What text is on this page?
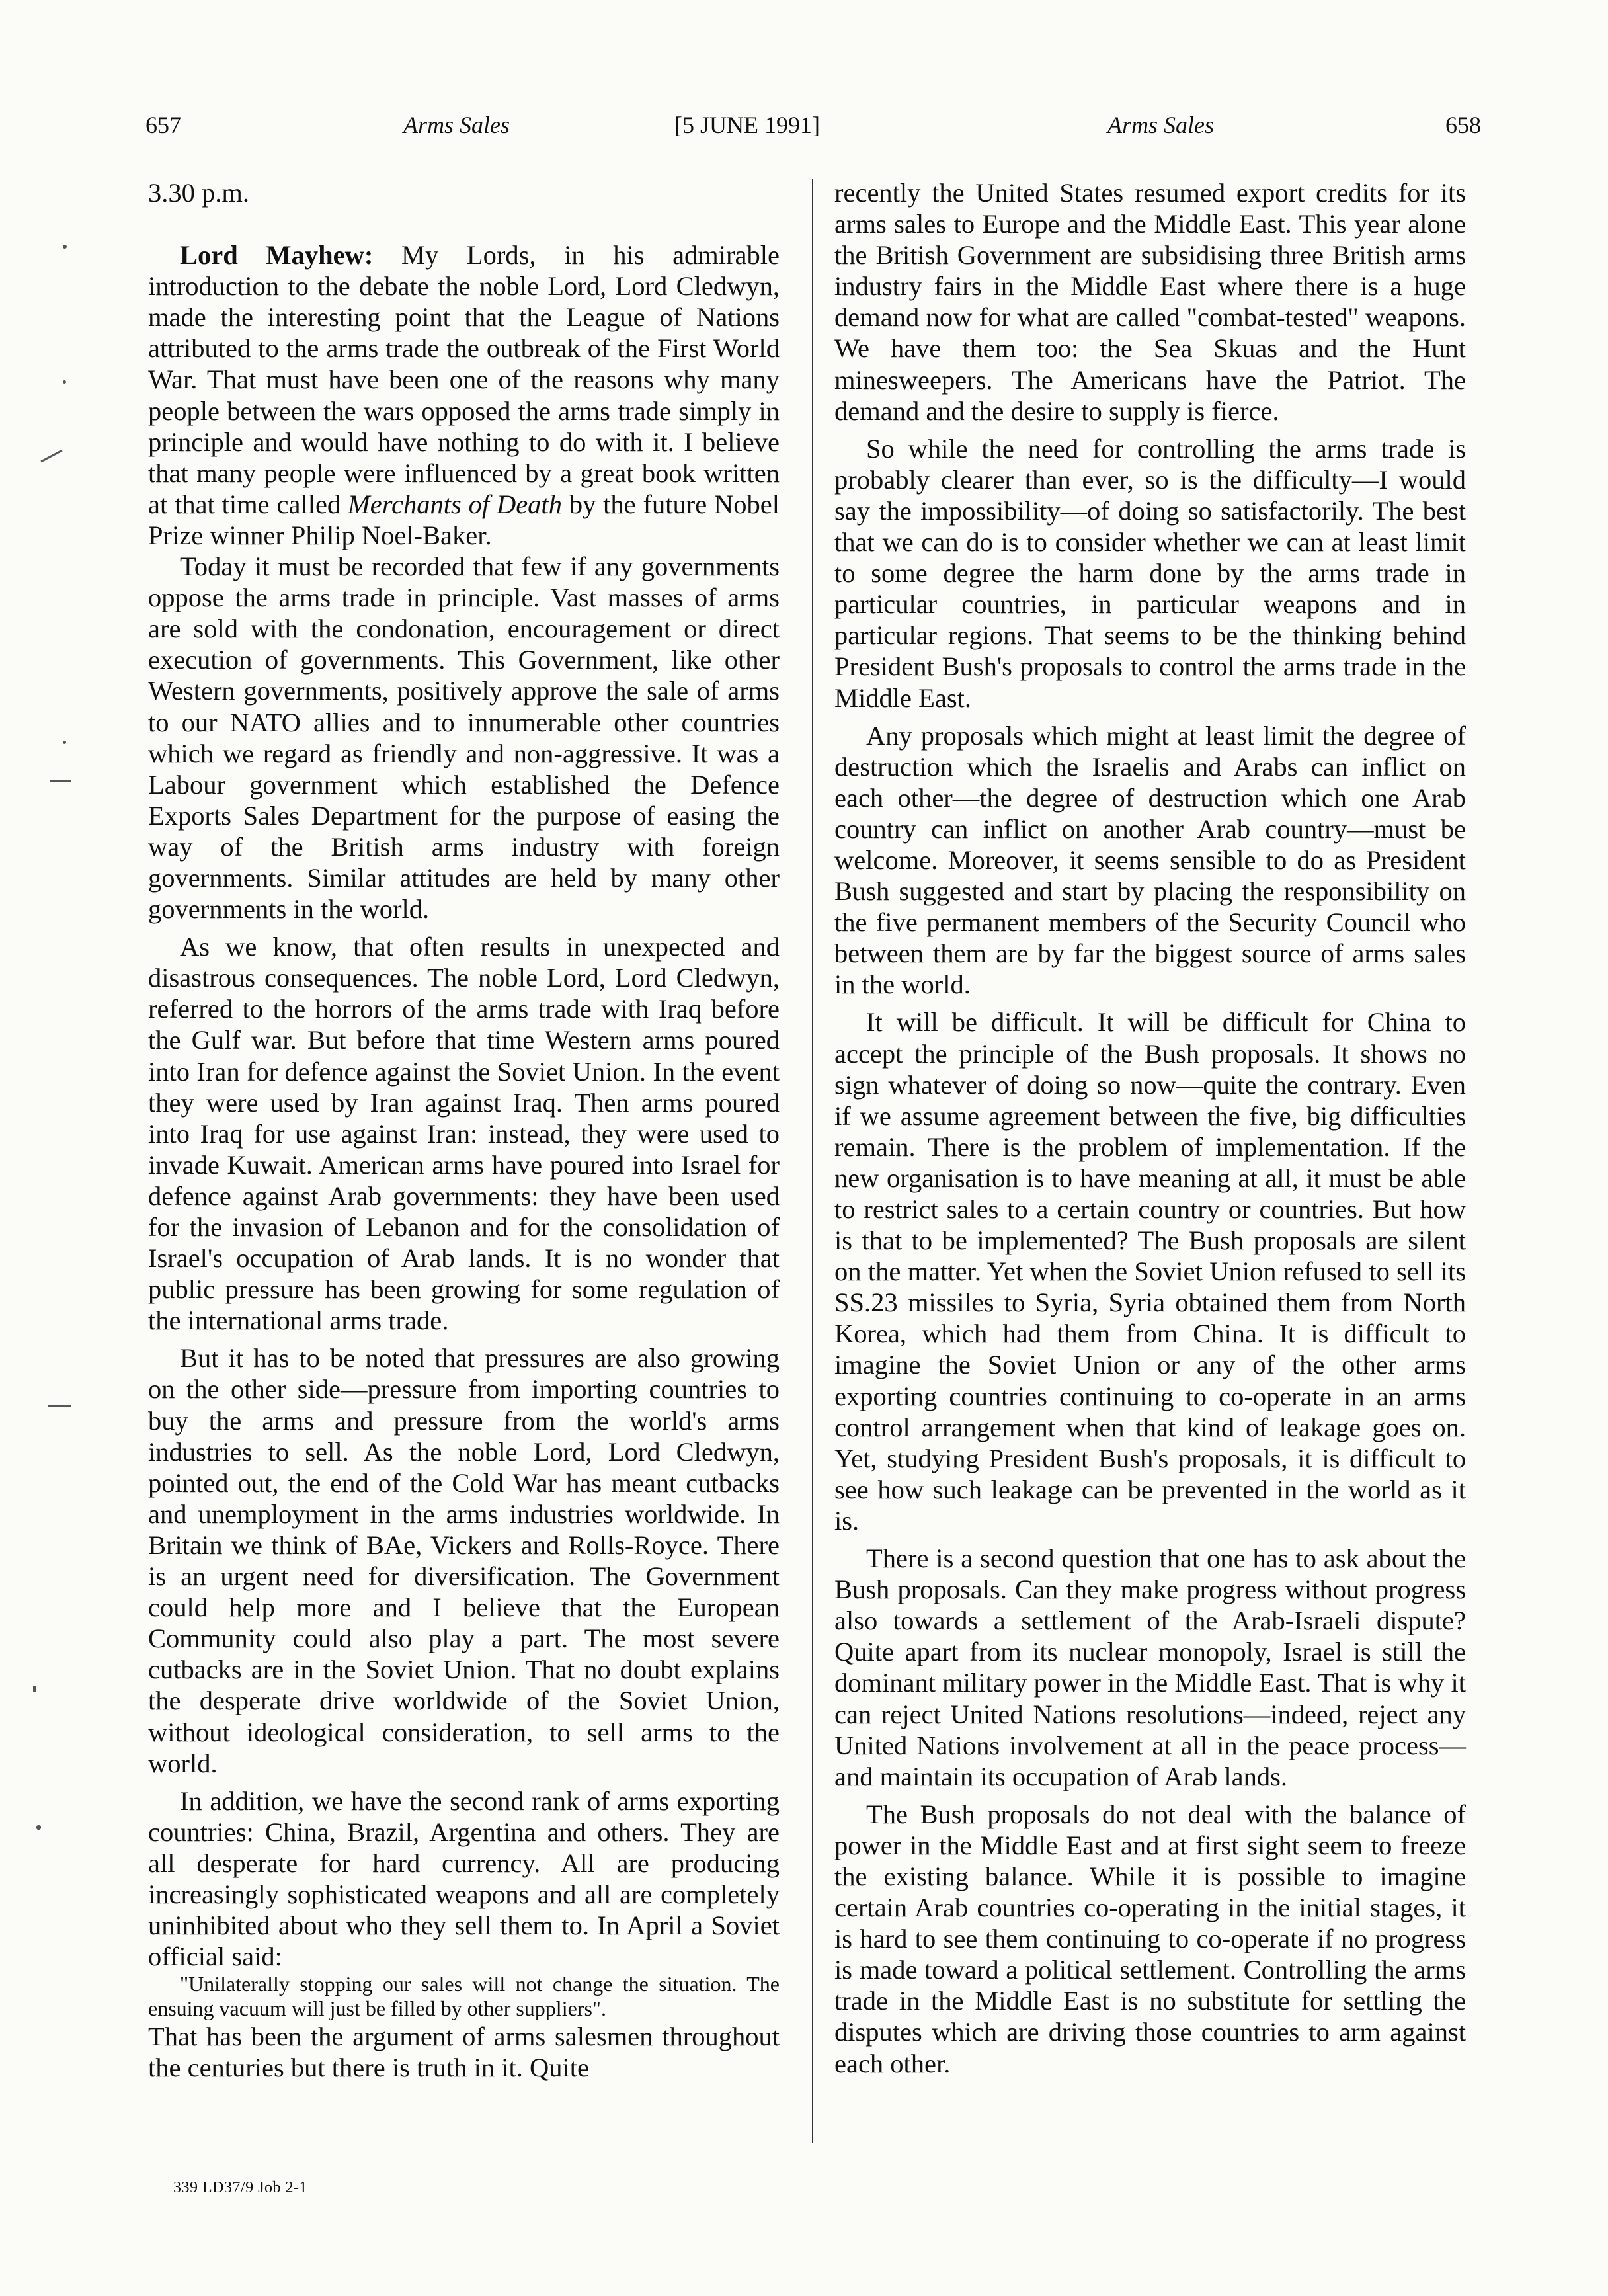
657	Arms Sales	[5 JUNE 1991]	Arms Sales	658

3.30 p.m.

Lord Mayhew: My Lords, in his admirable introduction to the debate the noble Lord, Lord Cledwyn, made the interesting point that the League of Nations attributed to the arms trade the outbreak of the First World War. That must have been one of the reasons why many people between the wars opposed the arms trade simply in principle and would have nothing to do with it. I believe that many people were influenced by a great book written at that time called Merchants of Death by the future Nobel Prize winner Philip Noel-Baker.

Today it must be recorded that few if any governments oppose the arms trade in principle. Vast masses of arms are sold with the condonation, encouragement or direct execution of governments. This Government, like other Western governments, positively approve the sale of arms to our NATO allies and to innumerable other countries which we regard as friendly and non-aggressive. It was a Labour government which established the Defence Exports Sales Department for the purpose of easing the way of the British arms industry with foreign governments. Similar attitudes are held by many other governments in the world.

As we know, that often results in unexpected and disastrous consequences. The noble Lord, Lord Cledwyn, referred to the horrors of the arms trade with Iraq before the Gulf war. But before that time Western arms poured into Iran for defence against the Soviet Union. In the event they were used by Iran against Iraq. Then arms poured into Iraq for use against Iran: instead, they were used to invade Kuwait. American arms have poured into Israel for defence against Arab governments: they have been used for the invasion of Lebanon and for the consolidation of Israel's occupation of Arab lands. It is no wonder that public pressure has been growing for some regulation of the international arms trade.

But it has to be noted that pressures are also growing on the other side—pressure from importing countries to buy the arms and pressure from the world's arms industries to sell. As the noble Lord, Lord Cledwyn, pointed out, the end of the Cold War has meant cutbacks and unemployment in the arms industries worldwide. In Britain we think of BAe, Vickers and Rolls-Royce. There is an urgent need for diversification. The Government could help more and I believe that the European Community could also play a part. The most severe cutbacks are in the Soviet Union. That no doubt explains the desperate drive worldwide of the Soviet Union, without ideological consideration, to sell arms to the world.

In addition, we have the second rank of arms exporting countries: China, Brazil, Argentina and others. They are all desperate for hard currency. All are producing increasingly sophisticated weapons and all are completely uninhibited about who they sell them to. In April a Soviet official said:

"Unilaterally stopping our sales will not change the situation. The ensuing vacuum will just be filled by other suppliers".

That has been the argument of arms salesmen throughout the centuries but there is truth in it. Quite

recently the United States resumed export credits for its arms sales to Europe and the Middle East. This year alone the British Government are subsidising three British arms industry fairs in the Middle East where there is a huge demand now for what are called "combat-tested" weapons. We have them too: the Sea Skuas and the Hunt minesweepers. The Americans have the Patriot. The demand and the desire to supply is fierce.

So while the need for controlling the arms trade is probably clearer than ever, so is the difficulty—I would say the impossibility—of doing so satisfactorily. The best that we can do is to consider whether we can at least limit to some degree the harm done by the arms trade in particular countries, in particular weapons and in particular regions. That seems to be the thinking behind President Bush's proposals to control the arms trade in the Middle East.

Any proposals which might at least limit the degree of destruction which the Israelis and Arabs can inflict on each other—the degree of destruction which one Arab country can inflict on another Arab country—must be welcome. Moreover, it seems sensible to do as President Bush suggested and start by placing the responsibility on the five permanent members of the Security Council who between them are by far the biggest source of arms sales in the world.

It will be difficult. It will be difficult for China to accept the principle of the Bush proposals. It shows no sign whatever of doing so now—quite the contrary. Even if we assume agreement between the five, big difficulties remain. There is the problem of implementation. If the new organisation is to have meaning at all, it must be able to restrict sales to a certain country or countries. But how is that to be implemented? The Bush proposals are silent on the matter. Yet when the Soviet Union refused to sell its SS.23 missiles to Syria, Syria obtained them from North Korea, which had them from China. It is difficult to imagine the Soviet Union or any of the other arms exporting countries continuing to co-operate in an arms control arrangement when that kind of leakage goes on. Yet, studying President Bush's proposals, it is difficult to see how such leakage can be prevented in the world as it is.

There is a second question that one has to ask about the Bush proposals. Can they make progress without progress also towards a settlement of the Arab-Israeli dispute? Quite apart from its nuclear monopoly, Israel is still the dominant military power in the Middle East. That is why it can reject United Nations resolutions—indeed, reject any United Nations involvement at all in the peace process—and maintain its occupation of Arab lands.

The Bush proposals do not deal with the balance of power in the Middle East and at first sight seem to freeze the existing balance. While it is possible to imagine certain Arab countries co-operating in the initial stages, it is hard to see them continuing to co-operate if no progress is made toward a political settlement. Controlling the arms trade in the Middle East is no substitute for settling the disputes which are driving those countries to arm against each other.

339 LD37/9 Job 2-1
